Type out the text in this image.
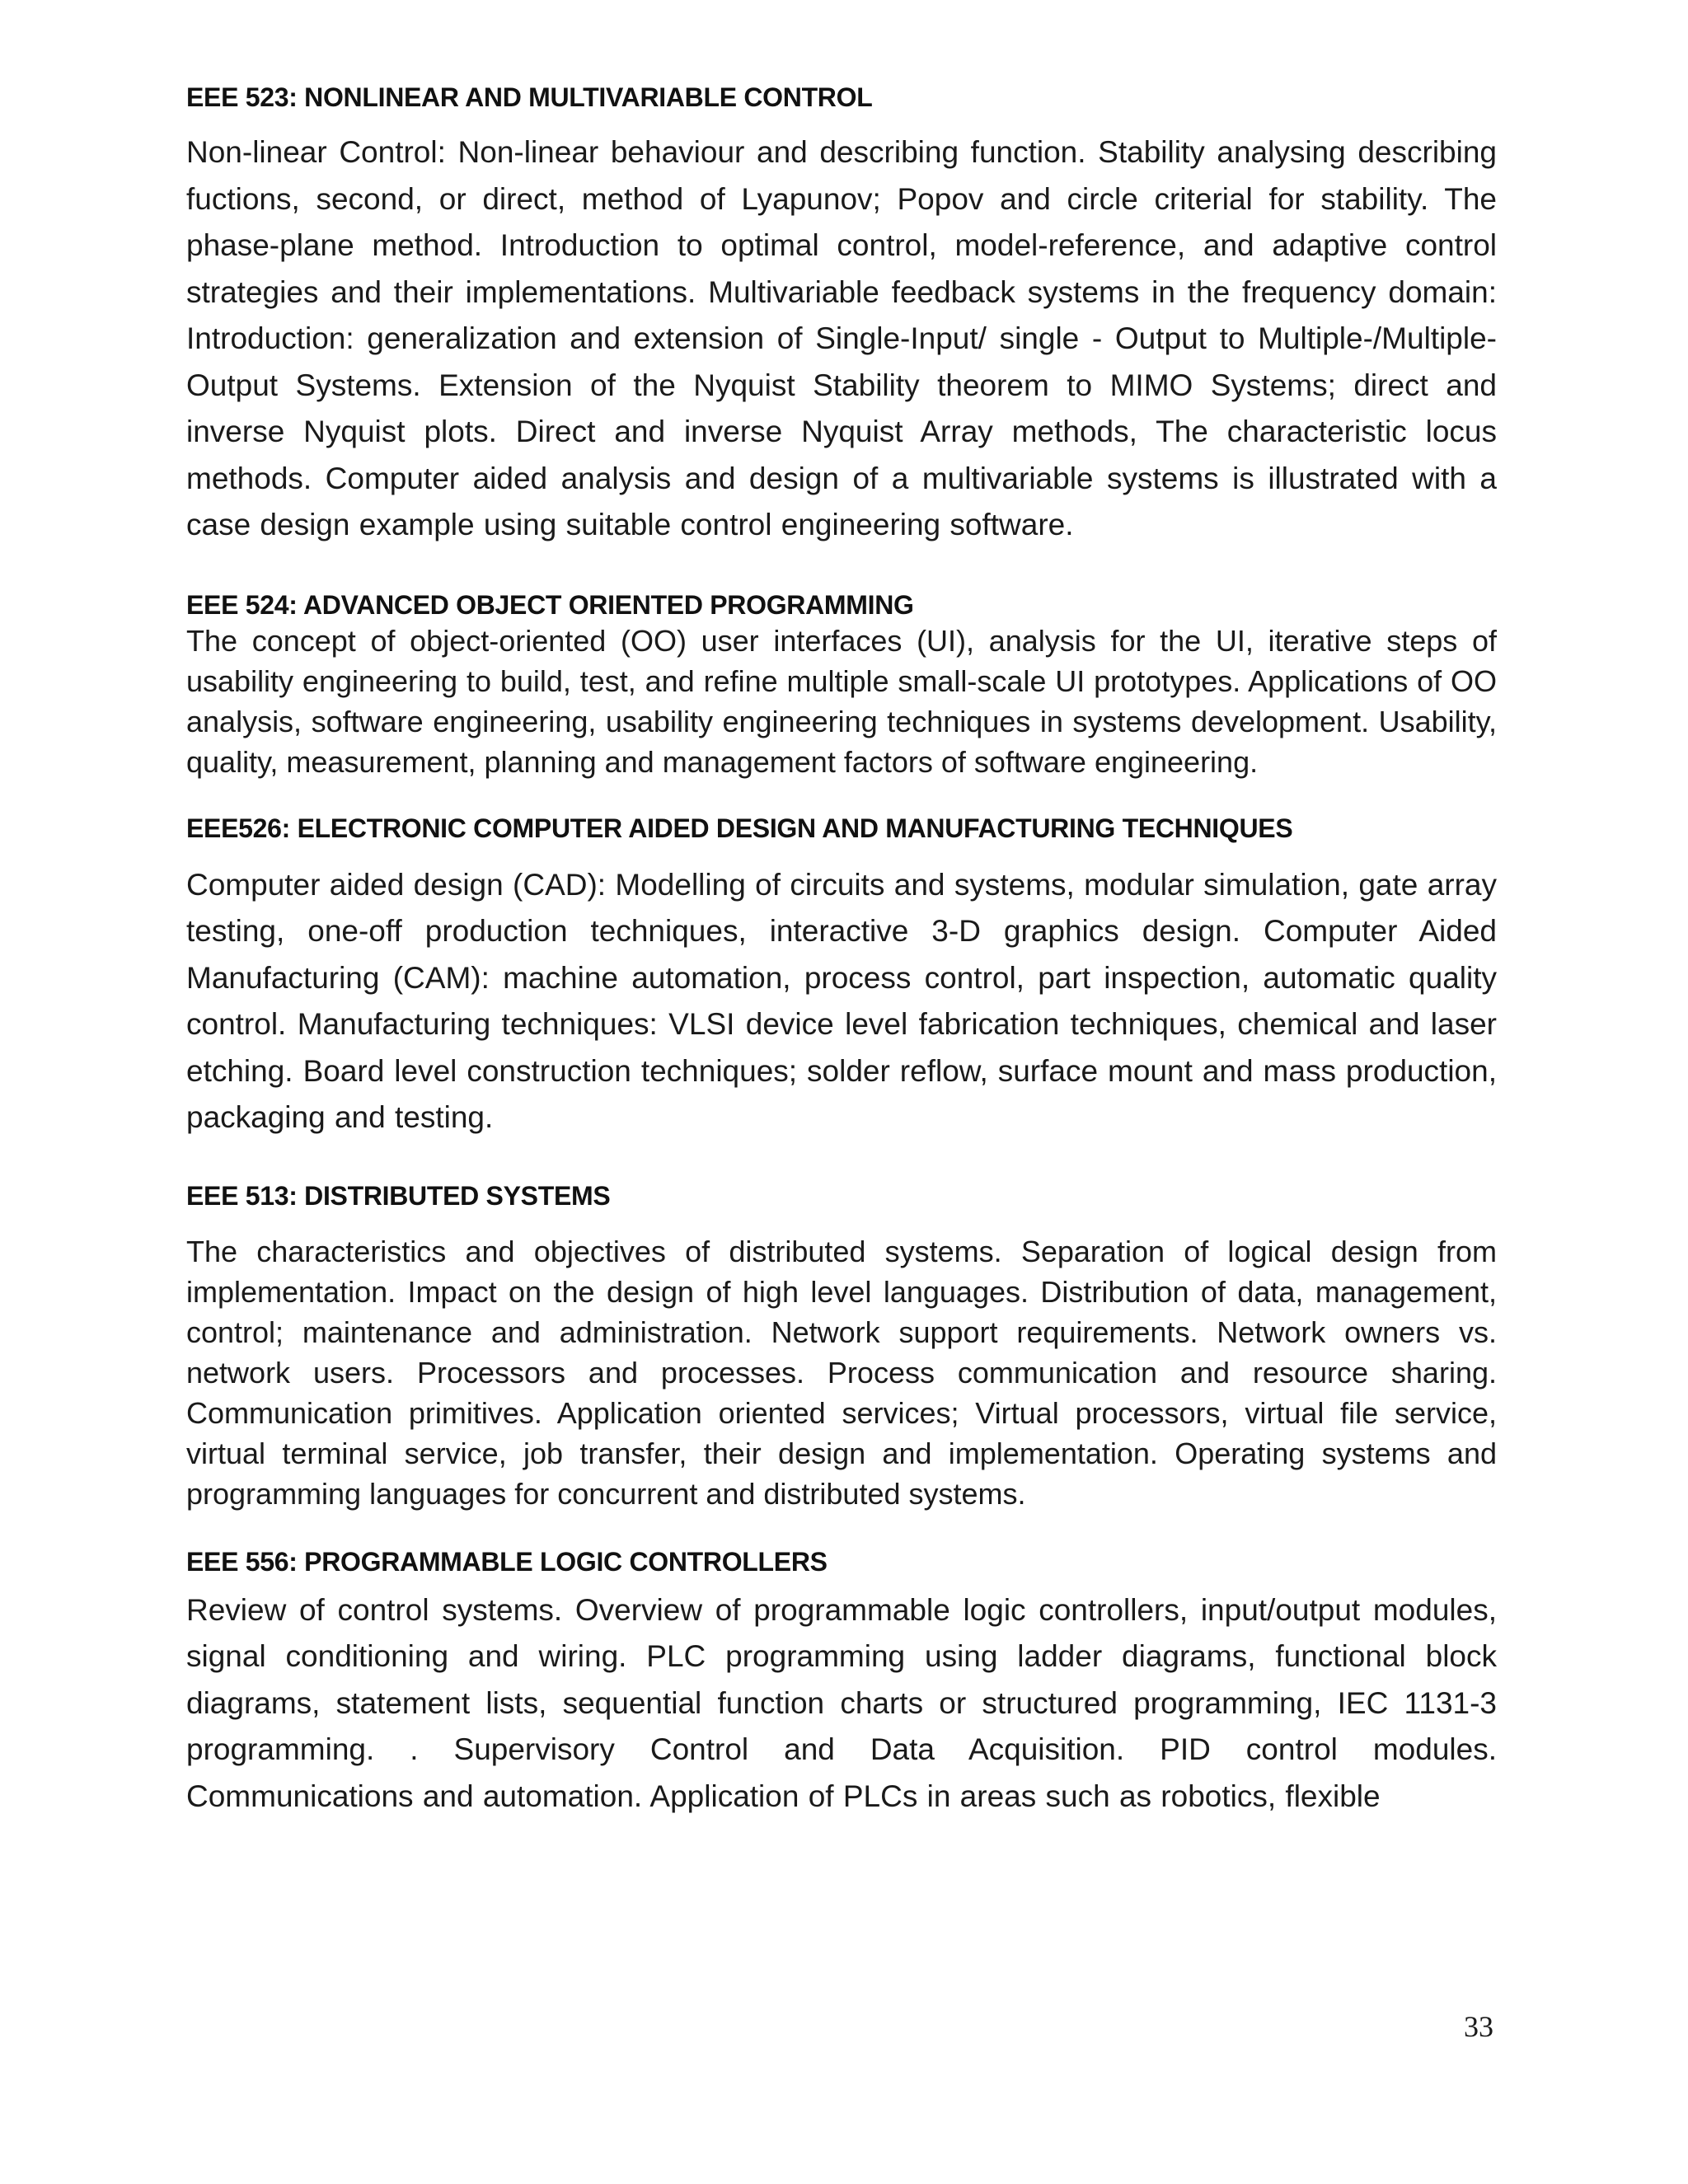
EEE 523: NONLINEAR AND MULTIVARIABLE CONTROL

Non-linear Control: Non-linear behaviour and describing function. Stability analysing describing fuctions, second, or direct, method of Lyapunov; Popov and circle criterial for stability. The phase-plane method. Introduction to optimal control, model-reference, and adaptive control strategies and their implementations. Multivariable feedback systems in the frequency domain: Introduction: generalization and extension of Single-Input/ single - Output to Multiple-/Multiple-Output Systems. Extension of the Nyquist Stability theorem to MIMO Systems; direct and inverse Nyquist plots. Direct and inverse Nyquist Array methods, The characteristic locus methods. Computer aided analysis and design of a multivariable systems is illustrated with a case design example using suitable control engineering software.

EEE 524: ADVANCED OBJECT ORIENTED PROGRAMMING

The concept of object-oriented (OO) user interfaces (UI), analysis for the UI, iterative steps of usability engineering to build, test, and refine multiple small-scale UI prototypes. Applications of OO analysis, software engineering, usability engineering techniques in systems development. Usability, quality, measurement, planning and management factors of software engineering.

EEE526: ELECTRONIC COMPUTER AIDED DESIGN AND MANUFACTURING TECHNIQUES

Computer aided design (CAD): Modelling of circuits and systems, modular simulation, gate array testing, one-off production techniques, interactive 3-D graphics design. Computer Aided Manufacturing (CAM): machine automation, process control, part inspection, automatic quality control. Manufacturing techniques: VLSI device level fabrication techniques, chemical and laser etching. Board level construction techniques; solder reflow, surface mount and mass production, packaging and testing.

EEE 513: DISTRIBUTED SYSTEMS

The characteristics and objectives of distributed systems. Separation of logical design from implementation. Impact on the design of high level languages. Distribution of data, management, control; maintenance and administration. Network support requirements. Network owners vs. network users. Processors and processes. Process communication and resource sharing. Communication primitives. Application oriented services; Virtual processors, virtual file service, virtual terminal service, job transfer, their design and implementation. Operating systems and programming languages for concurrent and distributed systems.

EEE 556: PROGRAMMABLE LOGIC CONTROLLERS

Review of control systems. Overview of programmable logic controllers, input/output modules, signal conditioning and wiring. PLC programming using ladder diagrams, functional block diagrams, statement lists, sequential function charts or structured programming, IEC 1131-3 programming. . Supervisory Control and Data Acquisition. PID control modules. Communications and automation. Application of PLCs in areas such as robotics, flexible

33
